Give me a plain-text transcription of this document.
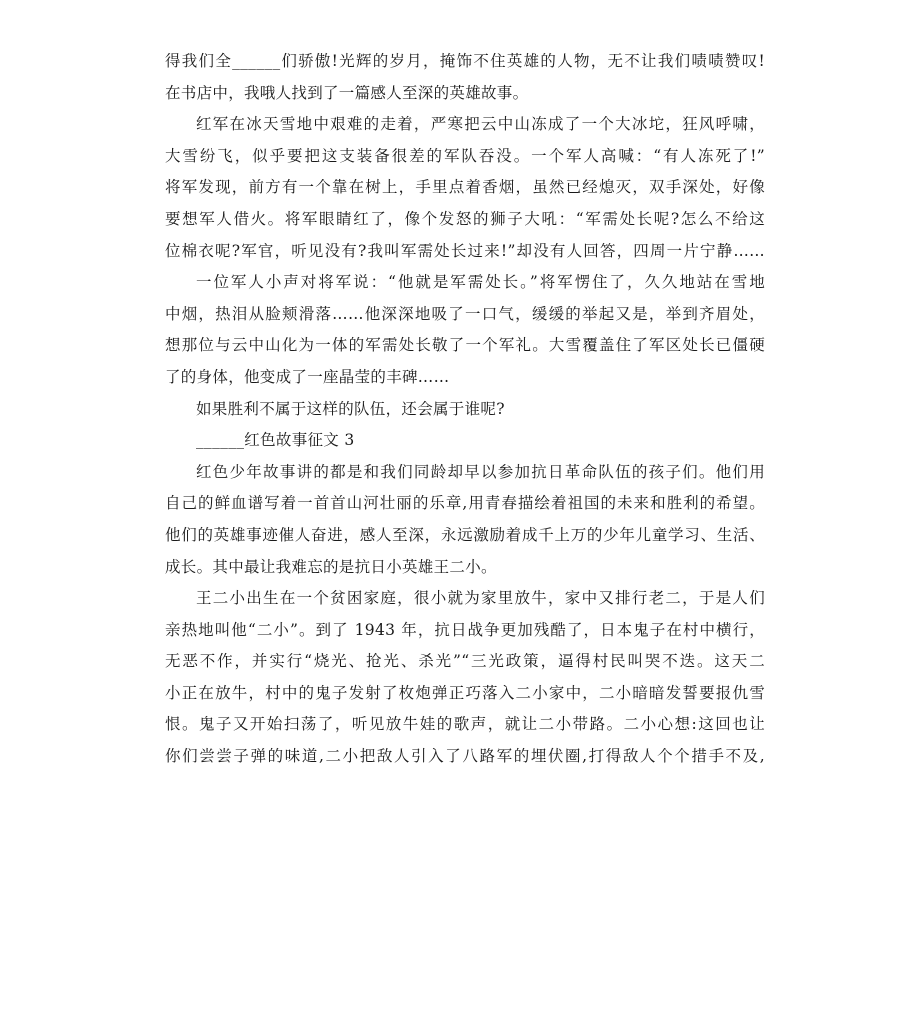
得我们全______们骄傲!光辉的岁月，掩饰不住英雄的人物，无不让我们啧啧赞叹!
在书店中，我哦人找到了一篇感人至深的英雄故事。

红军在冰天雪地中艰难的走着，严寒把云中山冻成了一个大冰坨，狂风呼啸，
大雪纷飞，似乎要把这支装备很差的军队吞没。一个军人高喊：“有人冻死了!”
将军发现，前方有一个靠在树上，手里点着香烟，虽然已经熄灭，双手深处，好像
要想军人借火。将军眼睛红了，像个发怒的狮子大吼：“军需处长呢?怎么不给这
位棉衣呢?军官，听见没有?我叫军需处长过来!”却没有人回答，四周一片宁静……

一位军人小声对将军说：“他就是军需处长。”将军愣住了，久久地站在雪地
中烟，热泪从脸颊滑落……他深深地吸了一口气，缓缓的举起又是，举到齐眉处，
想那位与云中山化为一体的军需处长敬了一个军礼。大雪覆盖住了军区处长已僵硬
了的身体，他变成了一座晶莹的丰碑……

如果胜利不属于这样的队伍，还会属于谁呢?

______红色故事征文 3

红色少年故事讲的都是和我们同龄却早以参加抗日革命队伍的孩子们。他们用
自己的鲜血谱写着一首首山河壮丽的乐章,用青春描绘着祖国的未来和胜利的希望。
他们的英雄事迹催人奋进，感人至深，永远激励着成千上万的少年儿童学习、生活、
成长。其中最让我难忘的是抗日小英雄王二小。

王二小出生在一个贫困家庭，很小就为家里放牛，家中又排行老二，于是人们
亲热地叫他“二小”。到了 1943 年，抗日战争更加残酷了，日本鬼子在村中横行，
无恶不作，并实行“烧光、抢光、杀光”“三光政策，逼得村民叫哭不迭。这天二
小正在放牛，村中的鬼子发射了枚炮弹正巧落入二小家中，二小暗暗发誓要报仇雪
恨。鬼子又开始扫荡了，听见放牛娃的歌声，就让二小带路。二小心想:这回也让
你们尝尝子弹的味道,二小把敌人引入了八路军的埋伏圈,打得敌人个个措手不及,
